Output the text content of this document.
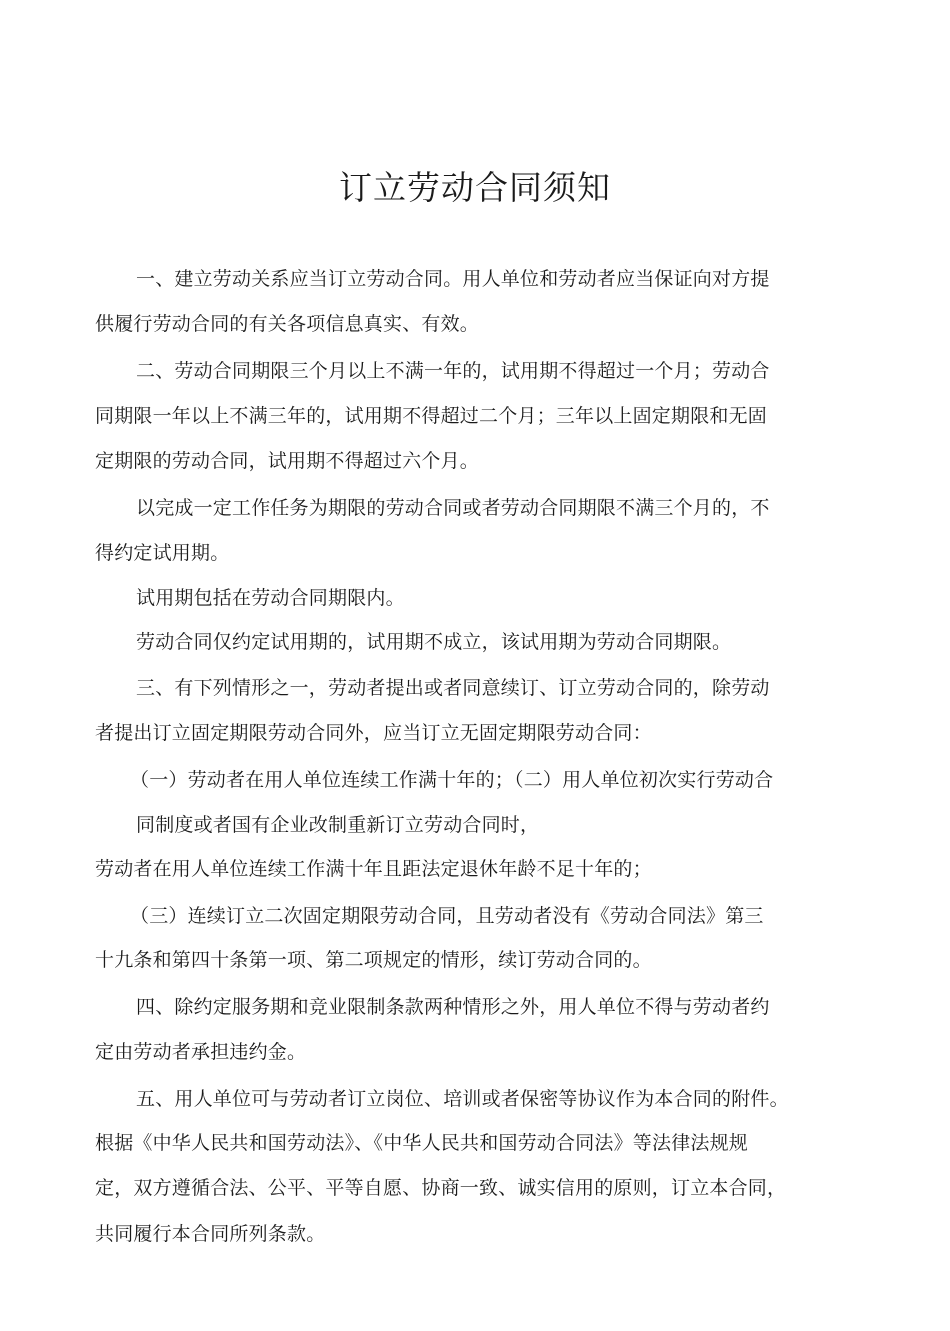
订立劳动合同须知
一、建立劳动关系应当订立劳动合同。用人单位和劳动者应当保证向对方提
供履行劳动合同的有关各项信息真实、有效。
二、劳动合同期限三个月以上不满一年的，试用期不得超过一个月；劳动合
同期限一年以上不满三年的，试用期不得超过二个月；三年以上固定期限和无固
定期限的劳动合同，试用期不得超过六个月。
以完成一定工作任务为期限的劳动合同或者劳动合同期限不满三个月的，不
得约定试用期。
试用期包括在劳动合同期限内。
劳动合同仅约定试用期的，试用期不成立，该试用期为劳动合同期限。
三、有下列情形之一，劳动者提出或者同意续订、订立劳动合同的，除劳动
者提出订立固定期限劳动合同外，应当订立无固定期限劳动合同：
（一）劳动者在用人单位连续工作满十年的；（二）用人单位初次实行劳动合
同制度或者国有企业改制重新订立劳动合同时，
劳动者在用人单位连续工作满十年且距法定退休年龄不足十年的；
（三）连续订立二次固定期限劳动合同，且劳动者没有《劳动合同法》第三
十九条和第四十条第一项、第二项规定的情形，续订劳动合同的。
四、除约定服务期和竞业限制条款两种情形之外，用人单位不得与劳动者约
定由劳动者承担违约金。
五、用人单位可与劳动者订立岗位、培训或者保密等协议作为本合同的附件。
根据《中华人民共和国劳动法》、《中华人民共和国劳动合同法》等法律法规规
定，双方遵循合法、公平、平等自愿、协商一致、诚实信用的原则，订立本合同，
共同履行本合同所列条款。
